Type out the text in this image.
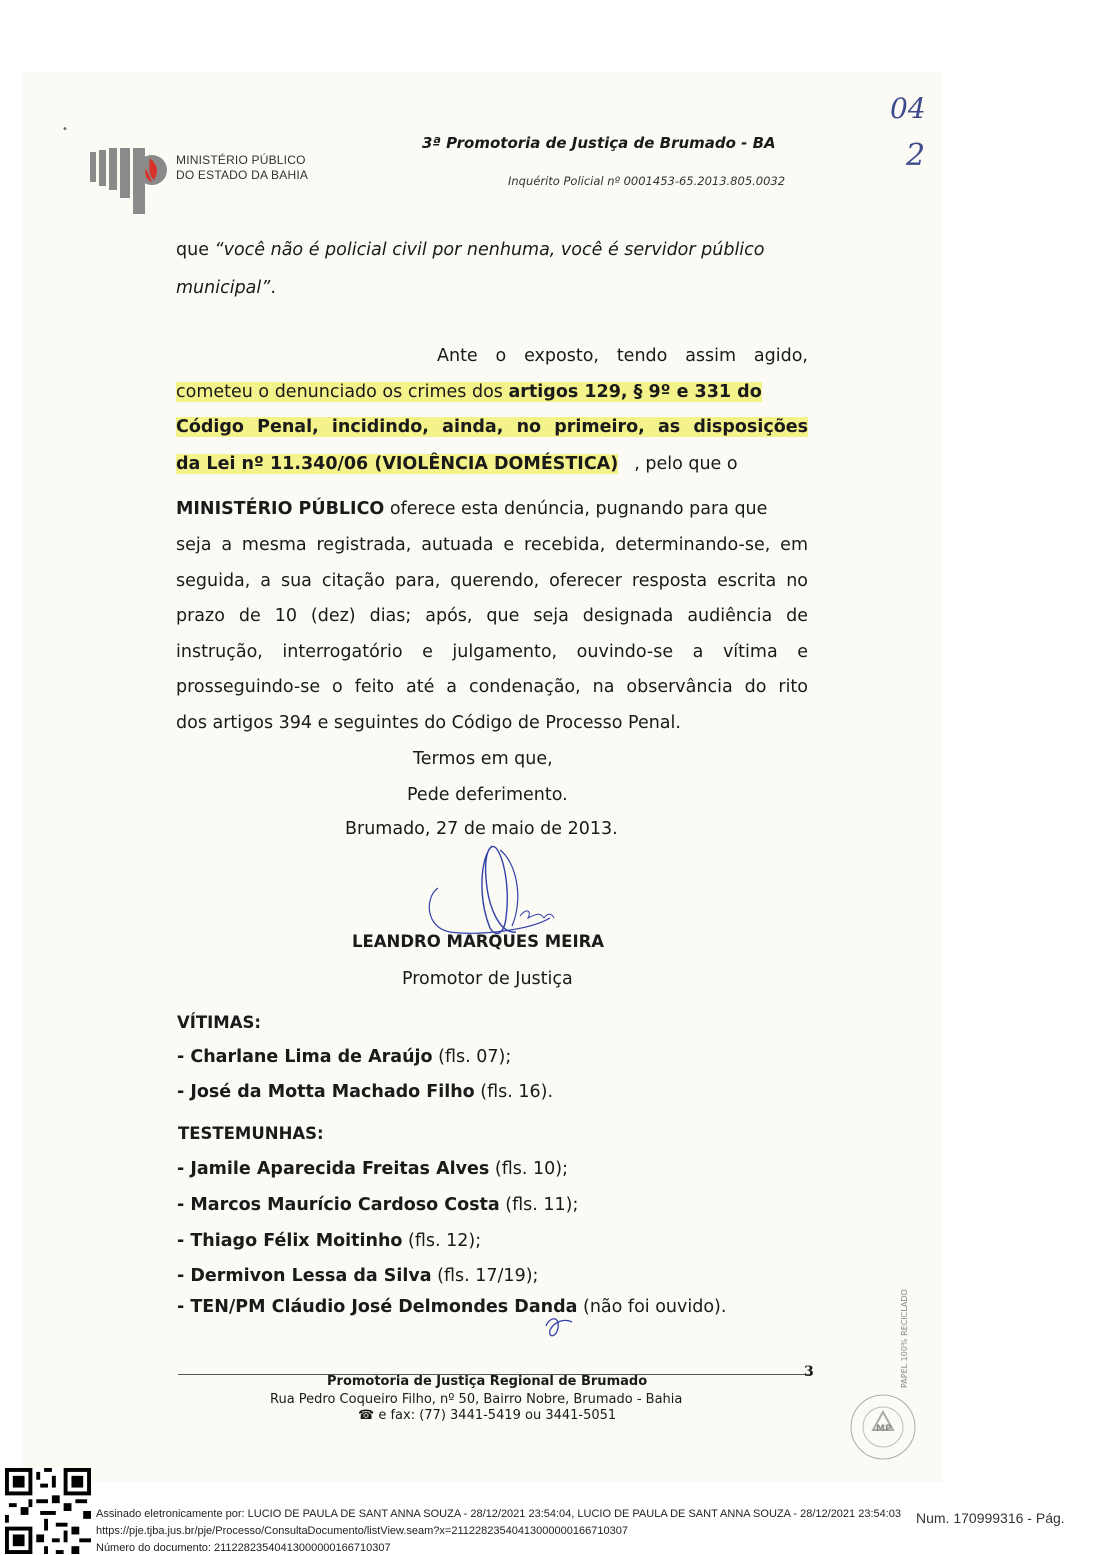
MINISTÉRIO PÚBLICO
DO ESTADO DA BAHIA
3ª Promotoria de Justiça de Brumado - BA
Inquérito Policial nº 0001453-65.2013.805.0032
04
2
•
que “você não é policial civil por nenhuma, você é servidor público
municipal”.
Ante o exposto, tendo assim agido,
cometeu o denunciado os crimes dos artigos 129, § 9º e 331 do
Código Penal, incidindo, ainda, no primeiro, as disposições
da Lei nº 11.340/06 (VIOLÊNCIA DOMÉSTICA) , pelo que o
MINISTÉRIO PÚBLICO oferece esta denúncia, pugnando para que
seja a mesma registrada, autuada e recebida, determinando-se, em
seguida, a sua citação para, querendo, oferecer resposta escrita no
prazo de 10 (dez) dias; após, que seja designada audiência de
instrução, interrogatório e julgamento, ouvindo-se a vítima e
prosseguindo-se o feito até a condenação, na observância do rito
dos artigos 394 e seguintes do Código de Processo Penal.
Termos em que,
Pede deferimento.
Brumado, 27 de maio de 2013.
LEANDRO MARQUES MEIRA
Promotor de Justiça
VÍTIMAS:
- Charlane Lima de Araújo (fls. 07);
- José da Motta Machado Filho (fls. 16).
TESTEMUNHAS:
- Jamile Aparecida Freitas Alves (fls. 10);
- Marcos Maurício Cardoso Costa (fls. 11);
- Thiago Félix Moitinho (fls. 12);
- Dermivon Lessa da Silva (fls. 17/19);
- TEN/PM Cláudio José Delmondes Danda (não foi ouvido).
3
Promotoria de Justiça Regional de Brumado
Rua Pedro Coqueiro Filho, nº 50, Bairro Nobre, Brumado - Bahia
☎ e fax: (77) 3441-5419 ou 3441-5051
PAPEL 100% RECICLADO
MP
Assinado eletronicamente por: LUCIO DE PAULA DE SANT ANNA SOUZA - 28/12/2021 23:54:04, LUCIO DE PAULA DE SANT ANNA SOUZA - 28/12/2021 23:54:03
https://pje.tjba.jus.br/pje/Processo/ConsultaDocumento/listView.seam?x=21122823540413000000166710307
Número do documento: 21122823540413000000166710307
Num. 170999316 - Pág.
